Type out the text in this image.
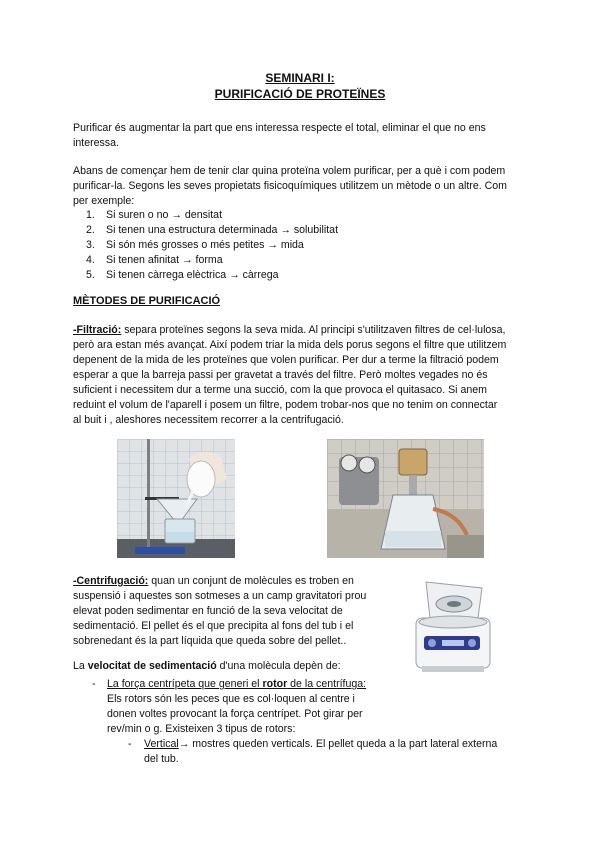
SEMINARI I:
PURIFICACIÓ DE PROTEÏNES
Purificar és augmentar la part que ens interessa respecte el total, eliminar el que no ens
interessa.
Abans de començar hem de tenir clar quina proteïna volem purificar, per a què i com podem
purificar-la. Segons les seves propietats fisicoquímiques utilitzem un mètode o un altre. Com
per exemple:
1. Si suren o no → densitat
2. Si tenen una estructura determinada → solubilitat
3. Si són més grosses o més petites → mida
4. Si tenen afinitat → forma
5. Si tenen càrrega elèctrica → càrrega
MÈTODES DE PURIFICACIÓ
-Filtració: separa proteïnes segons la seva mida. Al principi s'utilitzaven filtres de cel·lulosa,
però ara estan més avançat. Així podem triar la mida dels porus segons el filtre que utilitzem
depenent de la mida de les proteïnes que volen purificar. Per dur a terme la filtració podem
esperar a que la barreja passi per gravetat a través del filtre. Però moltes vegades no és
suficient i necessitem dur a terme una succió, com la que provoca el quitasaco. Si anem
reduint el volum de l'aparell i posem un filtre, podem trobar-nos que no tenim on connectar
al buit i , aleshores necessitem recorrer a la centrifugació.
-Centrifugació: quan un conjunt de molècules es troben en
suspensió i aquestes son sotmeses a un camp gravitatori prou
elevat poden sedimentar en funció de la seva velocitat de
sedimentació. El pellet és el que precipita al fons del tub i el
sobrenedant és la part líquida que queda sobre del pellet..
La velocitat de sedimentació d'una molècula depèn de:
- La força centrípeta que generi el rotor de la centrífuga:
Els rotors són les peces que es col·loquen al centre i
donen voltes provocant la força centrípet. Pot girar per
rev/min o g. Existeixen 3 tipus de rotors:
- Vertical→ mostres queden verticals. El pellet queda a la part lateral externa
del tub.
